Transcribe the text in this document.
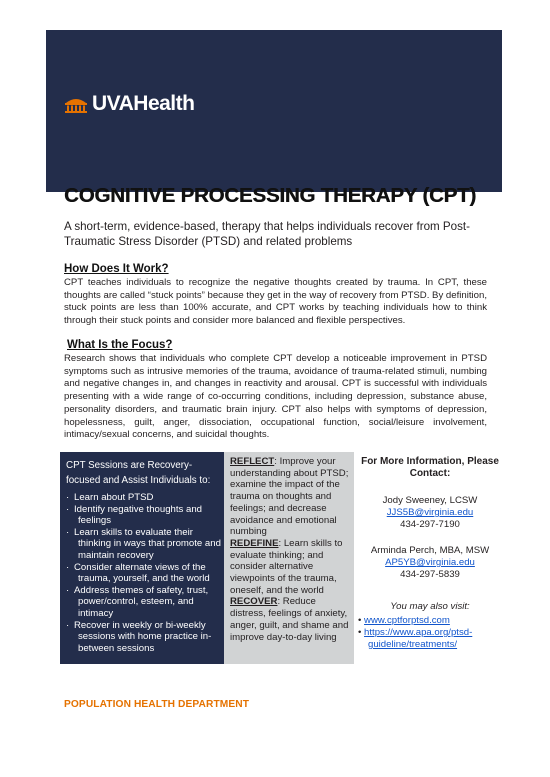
UVAHealth
COGNITIVE PROCESSING THERAPY (CPT)

A short-term, evidence-based, therapy that helps individuals recover from Post-Traumatic Stress Disorder (PTSD) and related problems

How Does It Work?

CPT teaches individuals to recognize the negative thoughts created by trauma. In CPT, these thoughts are called “stuck points” because they get in the way of recovery from PTSD. By definition, stuck points are less than 100% accurate, and CPT works by teaching individuals how to think through their stuck points and consider more balanced and flexible perspectives.

What Is the Focus?

Research shows that individuals who complete CPT develop a noticeable improvement in PTSD symptoms such as intrusive memories of the trauma, avoidance of trauma-related stimuli, numbing and negative changes in, and changes in reactivity and arousal. CPT is successful with individuals presenting with a wide range of co-occurring conditions, including depression, substance abuse, personality disorders, and traumatic brain injury. CPT also helps with symptoms of depression, hopelessness, guilt, anger, dissociation, occupational function, social/leisure involvement, intimacy/sexual concerns, and suicidal thoughts.

CPT Sessions are Recovery-focused and Assist Individuals to:

· Learn about PTSD
· Identify negative thoughts and feelings
· Learn skills to evaluate their thinking in ways that promote and maintain recovery
· Consider alternate views of the trauma, yourself, and the world
· Address themes of safety, trust, power/control, esteem, and intimacy
· Recover in weekly or bi-weekly sessions with home practice in-between sessions

REFLECT: Improve your understanding about PTSD; examine the impact of the trauma on thoughts and feelings; and decrease avoidance and emotional numbing

REDEFINE: Learn skills to evaluate thinking; and consider alternative viewpoints of the trauma, oneself, and the world

RECOVER: Reduce distress, feelings of anxiety, anger, guilt, and shame and improve day-to-day living

For More Information, Please Contact:

Jody Sweeney, LCSW

JJS5B@virginia.edu

434-297-7190

Arminda Perch, MBA, MSW

AP5YB@virginia.edu

434-297-5839

You may also visit:

• www.cptforptsd.com
• https://www.apa.org/ptsd-guideline/treatments/

POPULATION HEALTH DEPARTMENT
